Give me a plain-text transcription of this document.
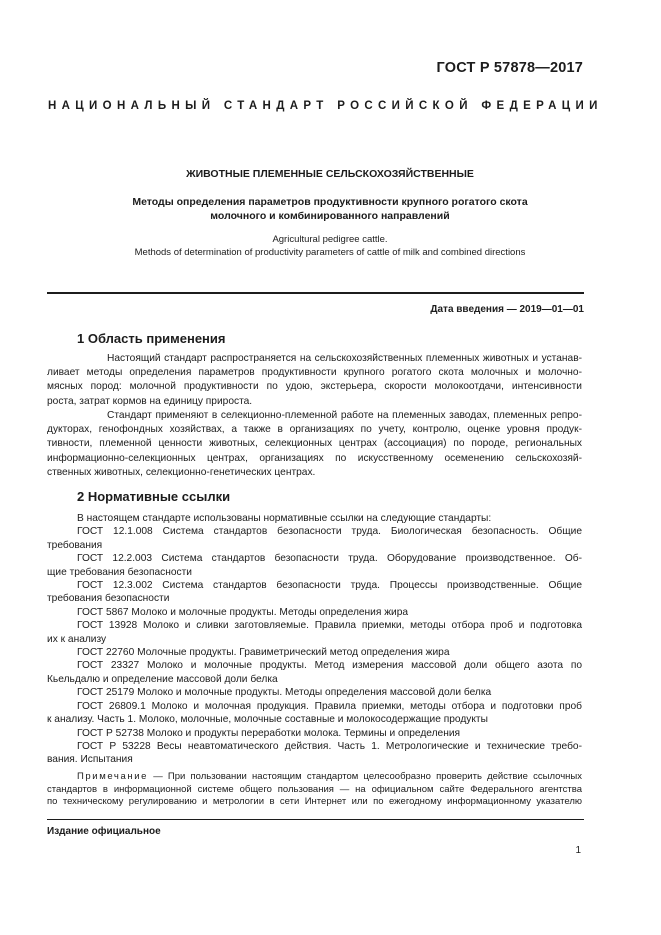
ГОСТ Р 57878—2017
НАЦИОНАЛЬНЫЙ СТАНДАРТ РОССИЙСКОЙ ФЕДЕРАЦИИ
ЖИВОТНЫЕ ПЛЕМЕННЫЕ СЕЛЬСКОХОЗЯЙСТВЕННЫЕ
Методы определения параметров продуктивности крупного рогатого скота
молочного и комбинированного направлений
Agricultural pedigree cattle.
Methods of determination of productivity parameters of cattle of milk and combined directions
Дата введения — 2019—01—01
1 Область применения
Настоящий стандарт распространяется на сельскохозяйственных племенных животных и устанав-
ливает методы определения параметров продуктивности крупного рогатого скота молочных и молочно-
мясных пород: молочной продуктивности по удою, экстерьера, скорости молокоотдачи, интенсивности
роста, затрат кормов на единицу прироста.
Стандарт применяют в селекционно-племенной работе на племенных заводах, племенных репро-
дукторах, генофондных хозяйствах, а также в организациях по учету, контролю, оценке уровня продук-
тивности, племенной ценности животных, селекционных центрах (ассоциация) по породе, региональных
информационно-селекционных центрах, организациях по искусственному осеменению сельскохозяй-
ственных животных, селекционно-генетических центрах.
2 Нормативные ссылки
В настоящем стандарте использованы нормативные ссылки на следующие стандарты:
ГОСТ 12.1.008 Система стандартов безопасности труда. Биологическая безопасность. Общие
требования
ГОСТ 12.2.003 Система стандартов безопасности труда. Оборудование производственное. Об-
щие требования безопасности
ГОСТ 12.3.002 Система стандартов безопасности труда. Процессы производственные. Общие
требования безопасности
ГОСТ 5867 Молоко и молочные продукты. Методы определения жира
ГОСТ 13928 Молоко и сливки заготовляемые. Правила приемки, методы отбора проб и подготовка
их к анализу
ГОСТ 22760 Молочные продукты. Гравиметрический метод определения жира
ГОСТ 23327 Молоко и молочные продукты. Метод измерения массовой доли общего азота по
Кьельдалю и определение массовой доли белка
ГОСТ 25179 Молоко и молочные продукты. Методы определения массовой доли белка
ГОСТ 26809.1 Молоко и молочная продукция. Правила приемки, методы отбора и подготовки проб
к анализу. Часть 1. Молоко, молочные, молочные составные и молокосодержащие продукты
ГОСТ Р 52738 Молоко и продукты переработки молока. Термины и определения
ГОСТ Р 53228 Весы неавтоматического действия. Часть 1. Метрологические и технические требо-
вания. Испытания
Примечание — При пользовании настоящим стандартом целесообразно проверить действие ссылочных
стандартов в информационной системе общего пользования — на официальном сайте Федерального агентства
по техническому регулированию и метрологии в сети Интернет или по ежегодному информационному указателю
Издание официальное
1
